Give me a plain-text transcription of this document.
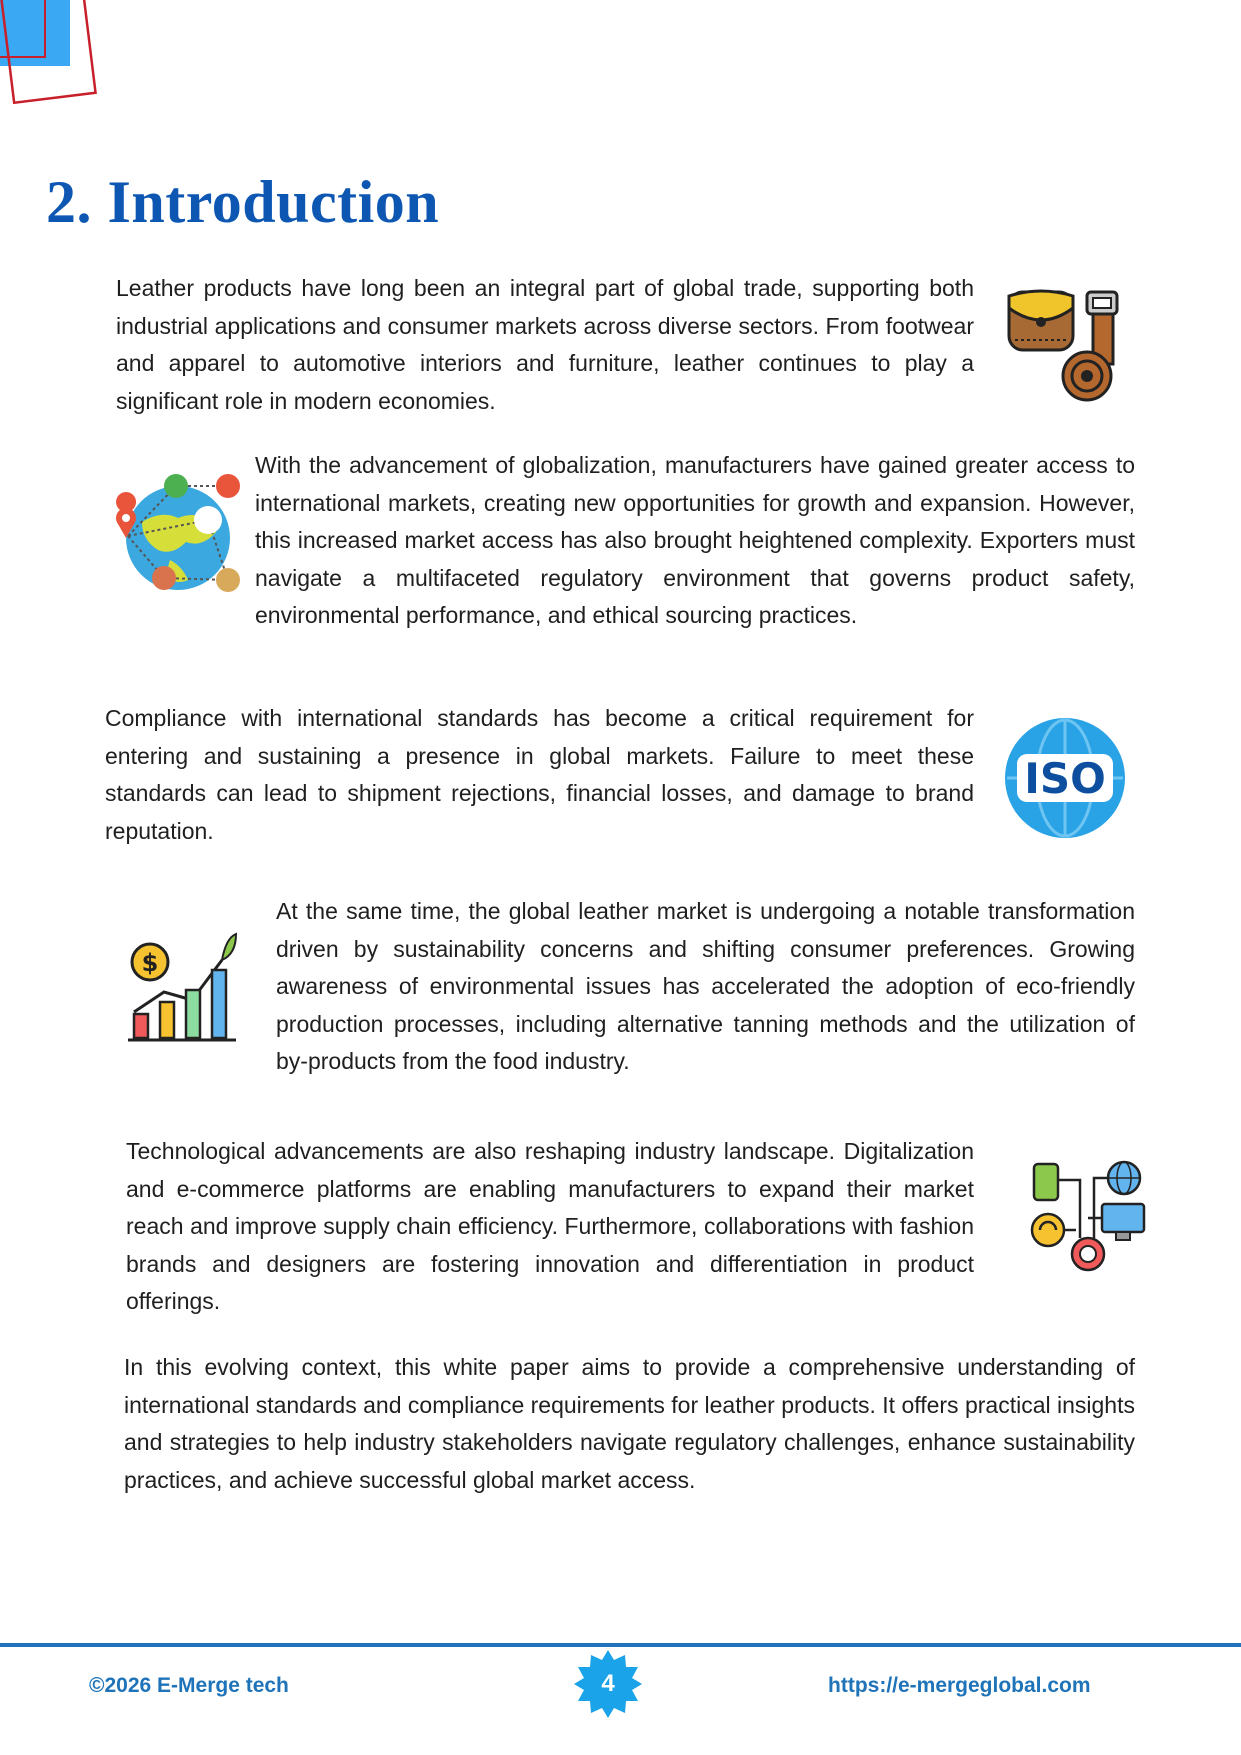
2. Introduction

Leather products have long been an integral part of global trade, supporting both industrial applications and consumer markets across diverse sectors. From footwear and apparel to automotive interiors and furniture, leather continues to play a significant role in modern economies.

With the advancement of globalization, manufacturers have gained greater access to international markets, creating new opportunities for growth and expansion. However, this increased market access has also brought heightened complexity. Exporters must navigate a multifaceted regulatory environment that governs product safety, environmental performance, and ethical sourcing practices.

Compliance with international standards has become a critical requirement for entering and sustaining a presence in global markets. Failure to meet these standards can lead to shipment rejections, financial losses, and damage to brand reputation.

ISO
$

At the same time, the global leather market is undergoing a notable transformation driven by sustainability concerns and shifting consumer preferences. Growing awareness of environmental issues has accelerated the adoption of eco-friendly production processes, including alternative tanning methods and the utilization of by-products from the food industry.

Technological advancements are also reshaping industry landscape. Digitalization and e-commerce platforms are enabling manufacturers to expand their market reach and improve supply chain efficiency. Furthermore, collaborations with fashion brands and designers are fostering innovation and differentiation in product offerings.

In this evolving context, this white paper aims to provide a comprehensive understanding of international standards and compliance requirements for leather products. It offers practical insights and strategies to help industry stakeholders navigate regulatory challenges, enhance sustainability practices, and achieve successful global market access.

©2026 E-Merge tech	4	https://e-mergeglobal.com
